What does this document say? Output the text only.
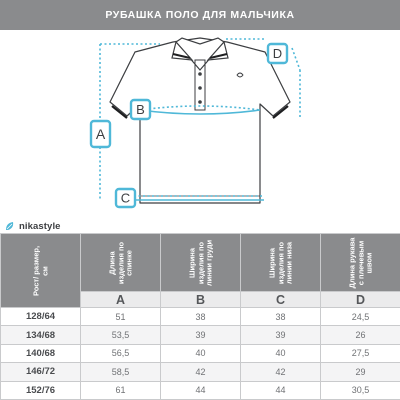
РУБАШКА ПОЛО ДЛЯ МАЛЬЧИКА
A
B
C
D
nikastyle
Рост/ размер, см	Длина изделия по спинке	Ширина изделия по линии груди	Ширина изделия по линии низа	Длина рукава с плечевым швом

	A	B	C	D
128/64	51	38	38	24,5
134/68	53,5	39	39	26
140/68	56,5	40	40	27,5
146/72	58,5	42	42	29
152/76	61	44	44	30,5
